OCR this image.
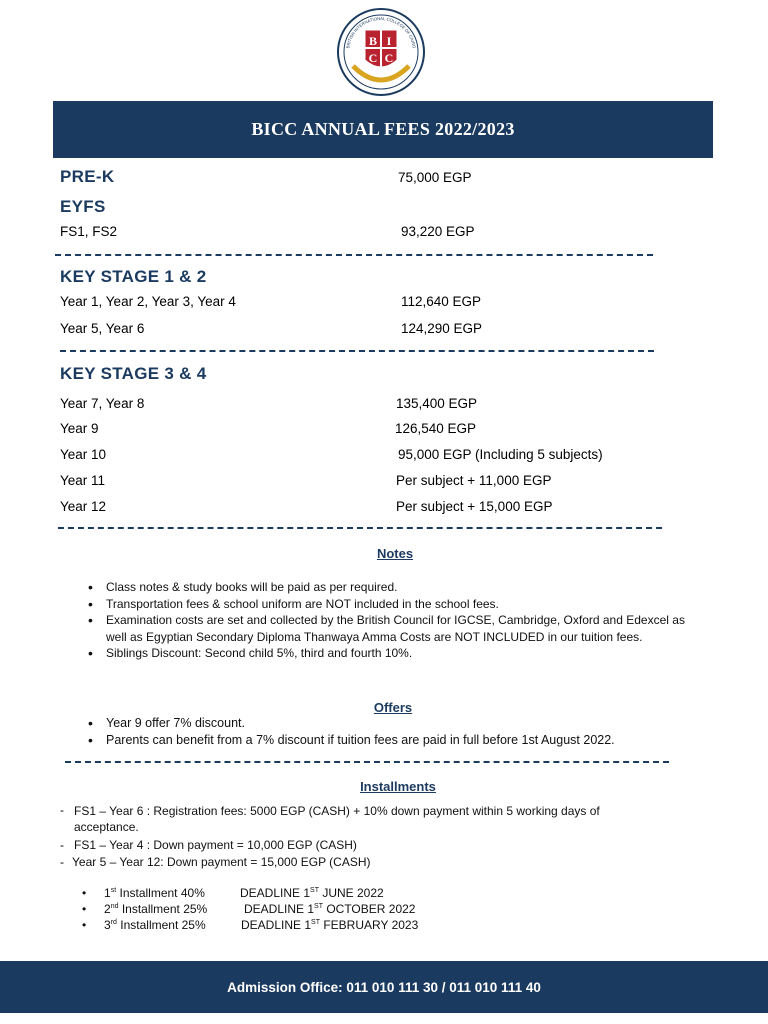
B I
C C
BRITISH INTERNATIONAL COLLEGE OF CAIRO
BICC ANNUAL FEES 2022/2023
PRE-K	75,000 EGP
EYFS
FS1, FS2	93,220 EGP
KEY STAGE 1 & 2
Year 1, Year 2, Year 3, Year 4	112,640 EGP
Year 5, Year 6	124,290 EGP
KEY STAGE 3 & 4
Year 7, Year 8	135,400 EGP
Year 9	126,540 EGP
Year 10	95,000 EGP (Including 5 subjects)
Year 11	Per subject + 11,000 EGP
Year 12	Per subject + 15,000 EGP
Notes
• Class notes & study books will be paid as per required.
• Transportation fees & school uniform are NOT included in the school fees.
• Examination costs are set and collected by the British Council for IGCSE, Cambridge, Oxford and Edexcel as well as Egyptian Secondary Diploma Thanwaya Amma Costs are NOT INCLUDED in our tuition fees.
• Siblings Discount: Second child 5%, third and fourth 10%.
Offers
• Year 9 offer 7% discount.
• Parents can benefit from a 7% discount if tuition fees are paid in full before 1st August 2022.
Installments
- FS1 – Year 6 : Registration fees: 5000 EGP (CASH) + 10% down payment within 5 working days of acceptance.
- FS1 – Year 4 : Down payment = 10,000 EGP (CASH)
- Year 5 – Year 12: Down payment = 15,000 EGP (CASH)
• 1st Installment 40%	DEADLINE 1ST JUNE 2022
• 2nd Installment 25%	DEADLINE 1ST OCTOBER 2022
• 3rd Installment 25%	DEADLINE 1ST FEBRUARY 2023
Admission Office: 011 010 111 30 / 011 010 111 40
